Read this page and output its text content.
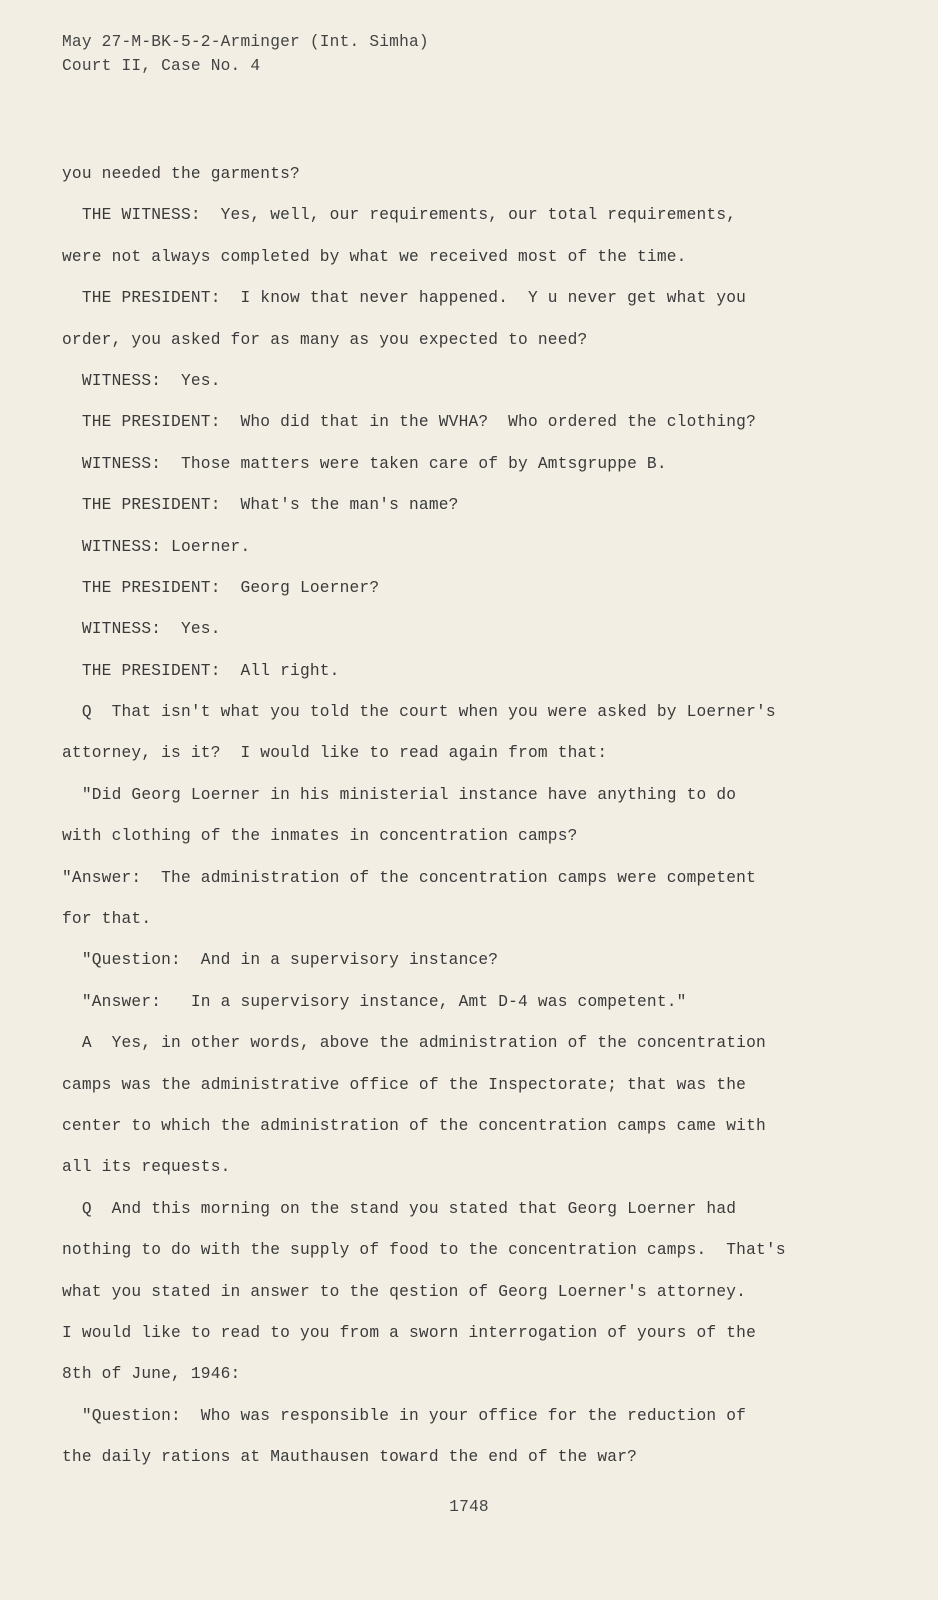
May 27-M-BK-5-2-Arminger (Int. Simha)
Court II, Case No. 4
you needed the garments?
THE WITNESS:  Yes, well, our requirements, our total requirements,
were not always completed by what we received most of the time.
THE PRESIDENT:  I know that never happened.  Y u never get what you
order, you asked for as many as you expected to need?
WITNESS:  Yes.
THE PRESIDENT:  Who did that in the WVHA?  Who ordered the clothing?
WITNESS:  Those matters were taken care of by Amtsgruppe B.
THE PRESIDENT:  What's the man's name?
WITNESS: Loerner.
THE PRESIDENT:  Georg Loerner?
WITNESS:  Yes.
THE PRESIDENT:  All right.
Q  That isn't what you told the court when you were asked by Loerner's
attorney, is it?  I would like to read again from that:
"Did Georg Loerner in his ministerial instance have anything to do
with clothing of the inmates in concentration camps?
"Answer:  The administration of the concentration camps were competent
for that.
"Question:  And in a supervisory instance?
"Answer:   In a supervisory instance, Amt D-4 was competent."
A  Yes, in other words, above the administration of the concentration
camps was the administrative office of the Inspectorate; that was the
center to which the administration of the concentration camps came with
all its requests.
Q  And this morning on the stand you stated that Georg Loerner had
nothing to do with the supply of food to the concentration camps.  That's
what you stated in answer to the qestion of Georg Loerner's attorney.
I would like to read to you from a sworn interrogation of yours of the
8th of June, 1946:
"Question:  Who was responsible in your office for the reduction of
the daily rations at Mauthausen toward the end of the war?
1748
